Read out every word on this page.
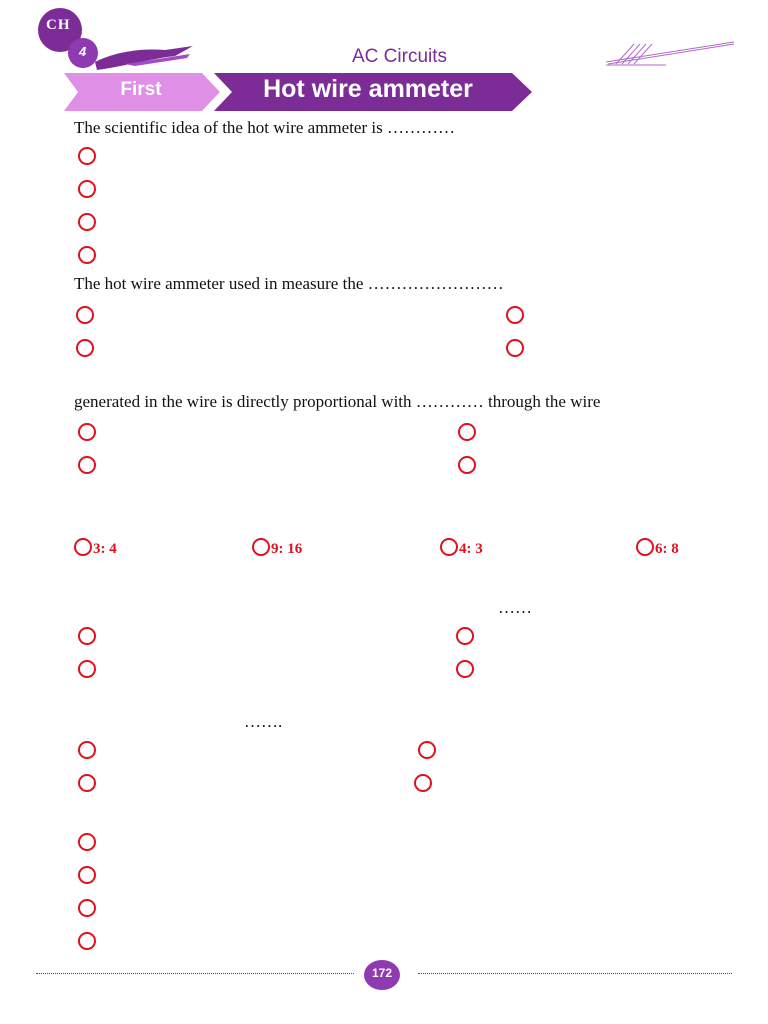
CH
4	AC Circuits
First	Hot wire ammeter
The scientific idea of the hot wire ammeter is …………
The hot wire ammeter used in measure the ……………………
generated in the wire is directly proportional with ………… through the wire
3: 4	9: 16	4: 3	6: 8
……
…….
172
